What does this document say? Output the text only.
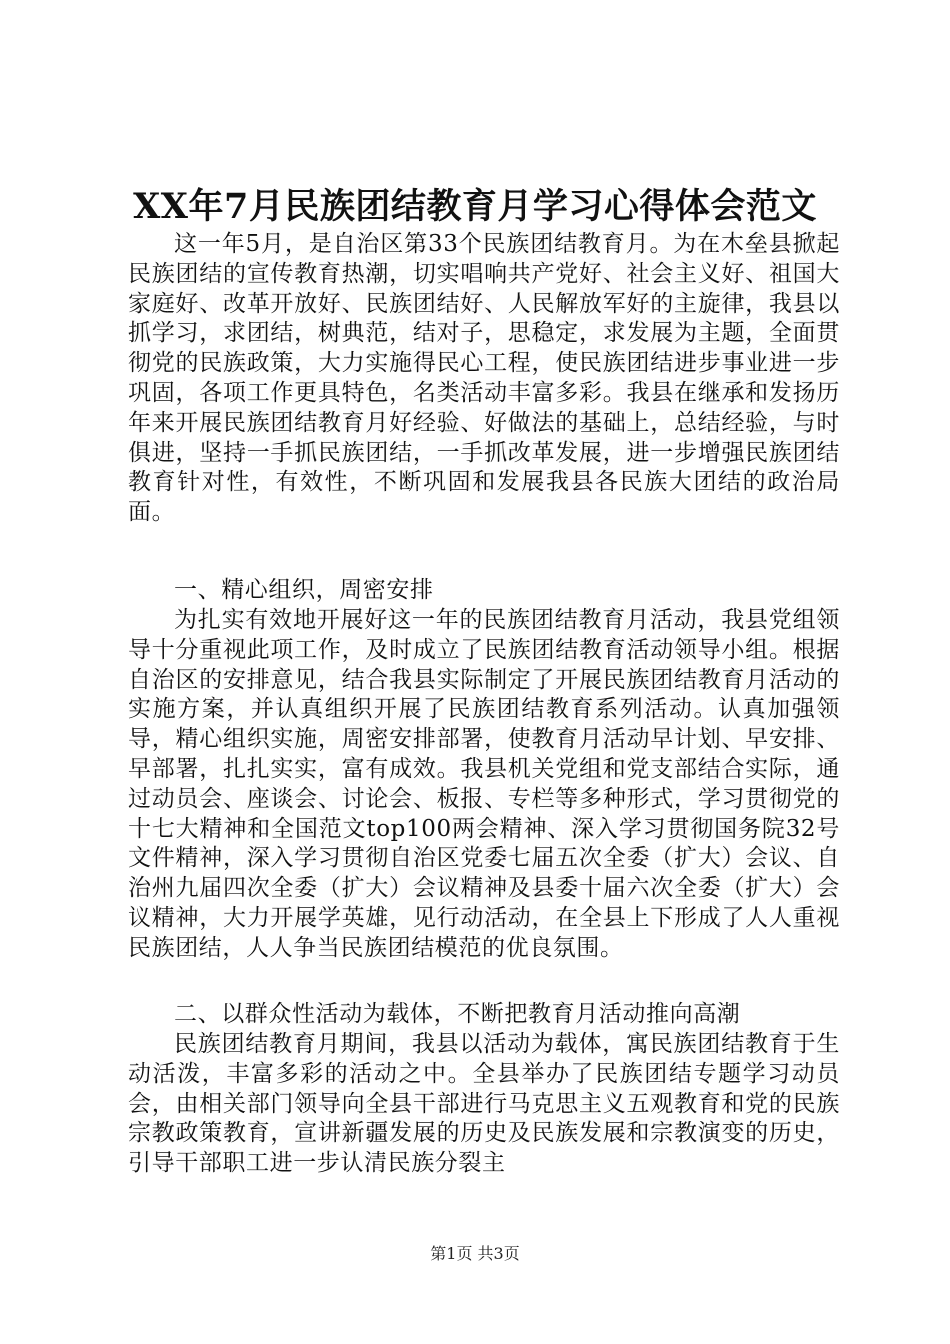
XX年7月民族团结教育月学习心得体会范文

这一年5月，是自治区第33个民族团结教育月。为在木垒县掀起民族团结的宣传教育热潮，切实唱响共产党好、社会主义好、祖国大家庭好、改革开放好、民族团结好、人民解放军好的主旋律，我县以抓学习，求团结，树典范，结对子，思稳定，求发展为主题，全面贯彻党的民族政策，大力实施得民心工程，使民族团结进步事业进一步巩固，各项工作更具特色，名类活动丰富多彩。我县在继承和发扬历年来开展民族团结教育月好经验、好做法的基础上，总结经验，与时俱进，坚持一手抓民族团结，一手抓改革发展，进一步增强民族团结教育针对性，有效性，不断巩固和发展我县各民族大团结的政治局面。

一、精心组织，周密安排

为扎实有效地开展好这一年的民族团结教育月活动，我县党组领导十分重视此项工作，及时成立了民族团结教育活动领导小组。根据自治区的安排意见，结合我县实际制定了开展民族团结教育月活动的实施方案，并认真组织开展了民族团结教育系列活动。认真加强领导，精心组织实施，周密安排部署，使教育月活动早计划、早安排、早部署，扎扎实实，富有成效。我县机关党组和党支部结合实际，通过动员会、座谈会、讨论会、板报、专栏等多种形式，学习贯彻党的十七大精神和全国范文top100两会精神、深入学习贯彻国务院32号文件精神，深入学习贯彻自治区党委七届五次全委（扩大）会议、自治州九届四次全委（扩大）会议精神及县委十届六次全委（扩大）会议精神，大力开展学英雄，见行动活动，在全县上下形成了人人重视民族团结，人人争当民族团结模范的优良氛围。

二、以群众性活动为载体，不断把教育月活动推向高潮

民族团结教育月期间，我县以活动为载体，寓民族团结教育于生动活泼，丰富多彩的活动之中。全县举办了民族团结专题学习动员会，由相关部门领导向全县干部进行马克思主义五观教育和党的民族宗教政策教育，宣讲新疆发展的历史及民族发展和宗教演变的历史，引导干部职工进一步认清民族分裂主

第1页 共3页
